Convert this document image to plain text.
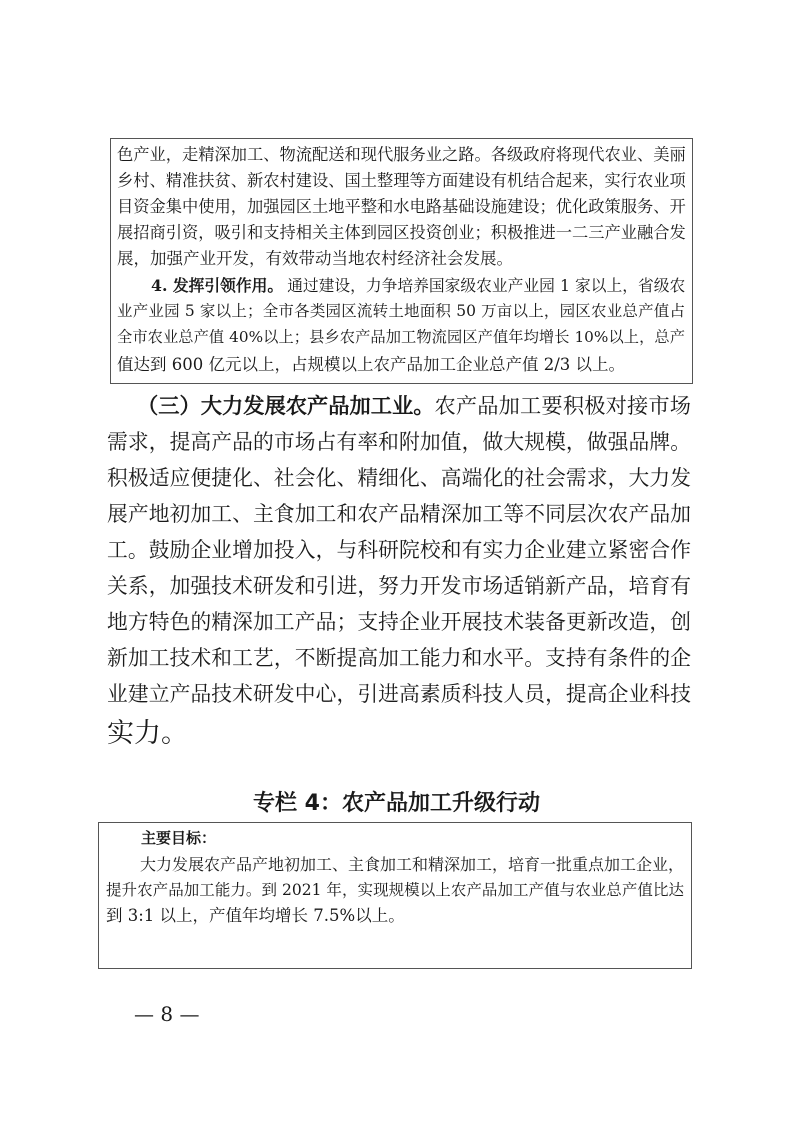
色产业，走精深加工、物流配送和现代服务业之路。各级政府将现代农业、美丽
乡村、精准扶贫、新农村建设、国土整理等方面建设有机结合起来，实行农业项
目资金集中使用，加强园区土地平整和水电路基础设施建设；优化政策服务、开
展招商引资，吸引和支持相关主体到园区投资创业；积极推进一二三产业融合发
展，加强产业开发，有效带动当地农村经济社会发展。
4. 发挥引领作用。 通过建设，力争培养国家级农业产业园 1 家以上，省级农
业产业园 5 家以上；全市各类园区流转土地面积 50 万亩以上，园区农业总产值占
全市农业总产值 40%以上；县乡农产品加工物流园区产值年均增长 10%以上，总产
值达到 600 亿元以上，占规模以上农产品加工企业总产值 2/3 以上。
（三）大力发展农产品加工业。 农产品加工要积极对接市场
需求，提高产品的市场占有率和附加值，做大规模，做强品牌。
积极适应便捷化、社会化、精细化、高端化的社会需求，大力发
展产地初加工、主食加工和农产品精深加工等不同层次农产品加
工。鼓励企业增加投入，与科研院校和有实力企业建立紧密合作
关系，加强技术研发和引进，努力开发市场适销新产品，培育有
地方特色的精深加工产品；支持企业开展技术装备更新改造，创
新加工技术和工艺，不断提高加工能力和水平。支持有条件的企
业建立产品技术研发中心，引进高素质科技人员，提高企业科技
实力。
专栏 4：农产品加工升级行动
主要目标：
大力发展农产品产地初加工、主食加工和精深加工，培育一批重点加工企业，
提升农产品加工能力。到 2021 年，实现规模以上农产品加工产值与农业总产值比达
到 3:1 以上，产值年均增长 7.5%以上。
— 8 —
